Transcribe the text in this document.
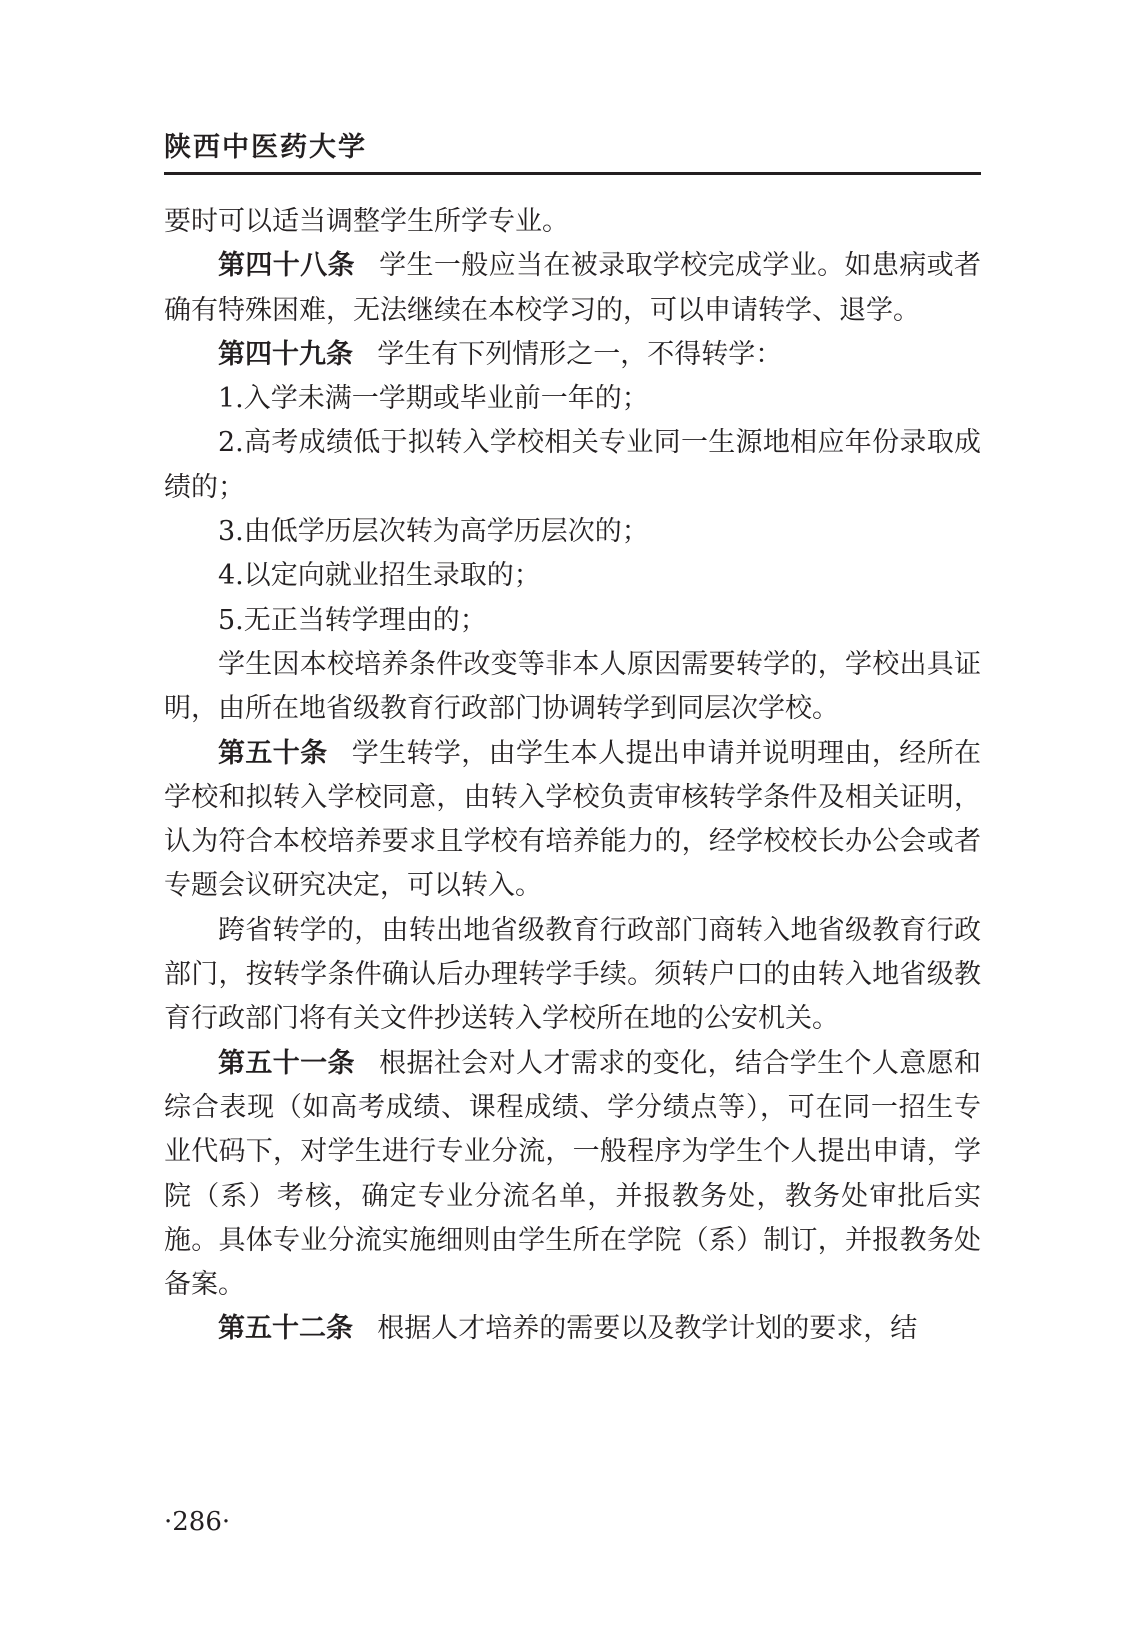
陕西中医药大学

要时可以适当调整学生所学专业。

第四十八条 学生一般应当在被录取学校完成学业。如患病或者确有特殊困难，无法继续在本校学习的，可以申请转学、退学。

第四十九条 学生有下列情形之一，不得转学：

1.入学未满一学期或毕业前一年的；

2.高考成绩低于拟转入学校相关专业同一生源地相应年份录取成绩的；

3.由低学历层次转为高学历层次的；

4.以定向就业招生录取的；

5.无正当转学理由的；

学生因本校培养条件改变等非本人原因需要转学的，学校出具证明，由所在地省级教育行政部门协调转学到同层次学校。

第五十条 学生转学，由学生本人提出申请并说明理由，经所在学校和拟转入学校同意，由转入学校负责审核转学条件及相关证明，认为符合本校培养要求且学校有培养能力的，经学校校长办公会或者专题会议研究决定，可以转入。

跨省转学的，由转出地省级教育行政部门商转入地省级教育行政部门，按转学条件确认后办理转学手续。须转户口的由转入地省级教育行政部门将有关文件抄送转入学校所在地的公安机关。

第五十一条 根据社会对人才需求的变化，结合学生个人意愿和综合表现（如高考成绩、课程成绩、学分绩点等），可在同一招生专业代码下，对学生进行专业分流，一般程序为学生个人提出申请，学院（系）考核，确定专业分流名单，并报教务处，教务处审批后实施。具体专业分流实施细则由学生所在学院（系）制订，并报教务处备案。

第五十二条 根据人才培养的需要以及教学计划的要求，结

·286·
